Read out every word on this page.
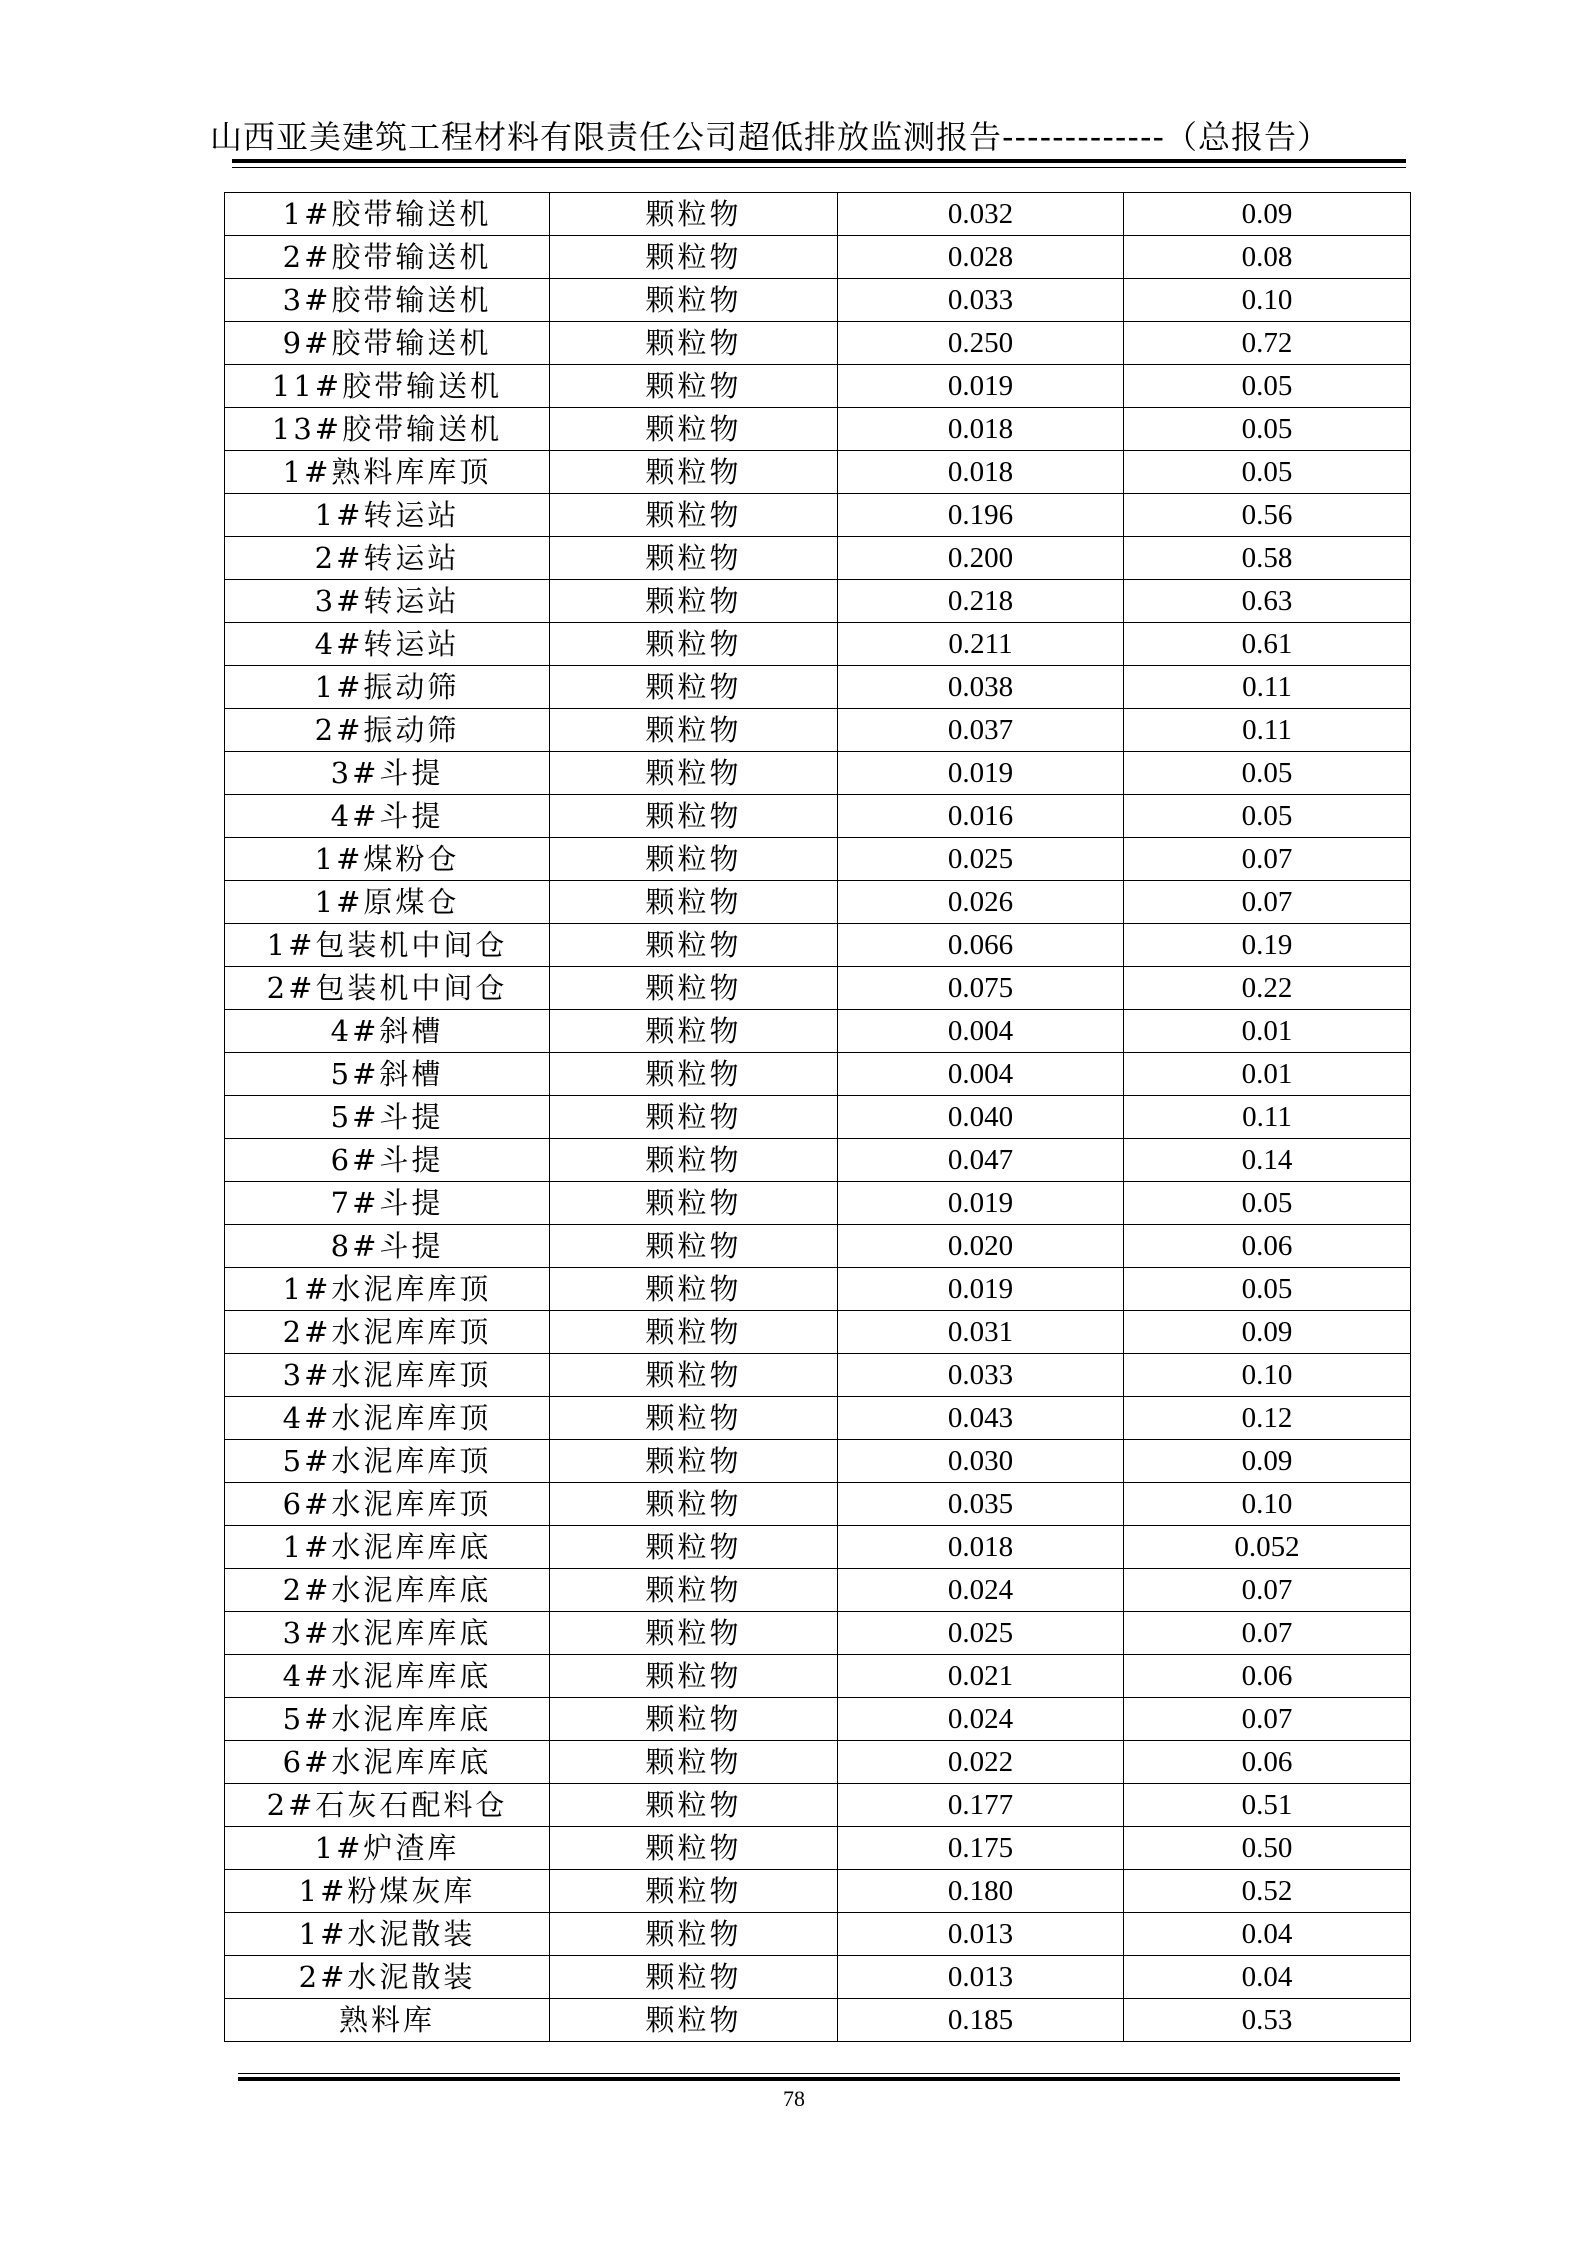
山西亚美建筑工程材料有限责任公司超低排放监测报告-------------（总报告）
1#胶带输送机	颗粒物	0.032	0.09
2#胶带输送机	颗粒物	0.028	0.08
3#胶带输送机	颗粒物	0.033	0.10
9#胶带输送机	颗粒物	0.250	0.72
11#胶带输送机	颗粒物	0.019	0.05
13#胶带输送机	颗粒物	0.018	0.05
1#熟料库库顶	颗粒物	0.018	0.05
1#转运站	颗粒物	0.196	0.56
2#转运站	颗粒物	0.200	0.58
3#转运站	颗粒物	0.218	0.63
4#转运站	颗粒物	0.211	0.61
1#振动筛	颗粒物	0.038	0.11
2#振动筛	颗粒物	0.037	0.11
3#斗提	颗粒物	0.019	0.05
4#斗提	颗粒物	0.016	0.05
1#煤粉仓	颗粒物	0.025	0.07
1#原煤仓	颗粒物	0.026	0.07
1#包装机中间仓	颗粒物	0.066	0.19
2#包装机中间仓	颗粒物	0.075	0.22
4#斜槽	颗粒物	0.004	0.01
5#斜槽	颗粒物	0.004	0.01
5#斗提	颗粒物	0.040	0.11
6#斗提	颗粒物	0.047	0.14
7#斗提	颗粒物	0.019	0.05
8#斗提	颗粒物	0.020	0.06
1#水泥库库顶	颗粒物	0.019	0.05
2#水泥库库顶	颗粒物	0.031	0.09
3#水泥库库顶	颗粒物	0.033	0.10
4#水泥库库顶	颗粒物	0.043	0.12
5#水泥库库顶	颗粒物	0.030	0.09
6#水泥库库顶	颗粒物	0.035	0.10
1#水泥库库底	颗粒物	0.018	0.052
2#水泥库库底	颗粒物	0.024	0.07
3#水泥库库底	颗粒物	0.025	0.07
4#水泥库库底	颗粒物	0.021	0.06
5#水泥库库底	颗粒物	0.024	0.07
6#水泥库库底	颗粒物	0.022	0.06
2#石灰石配料仓	颗粒物	0.177	0.51
1#炉渣库	颗粒物	0.175	0.50
1#粉煤灰库	颗粒物	0.180	0.52
1#水泥散装	颗粒物	0.013	0.04
2#水泥散装	颗粒物	0.013	0.04
熟料库	颗粒物	0.185	0.53
78
